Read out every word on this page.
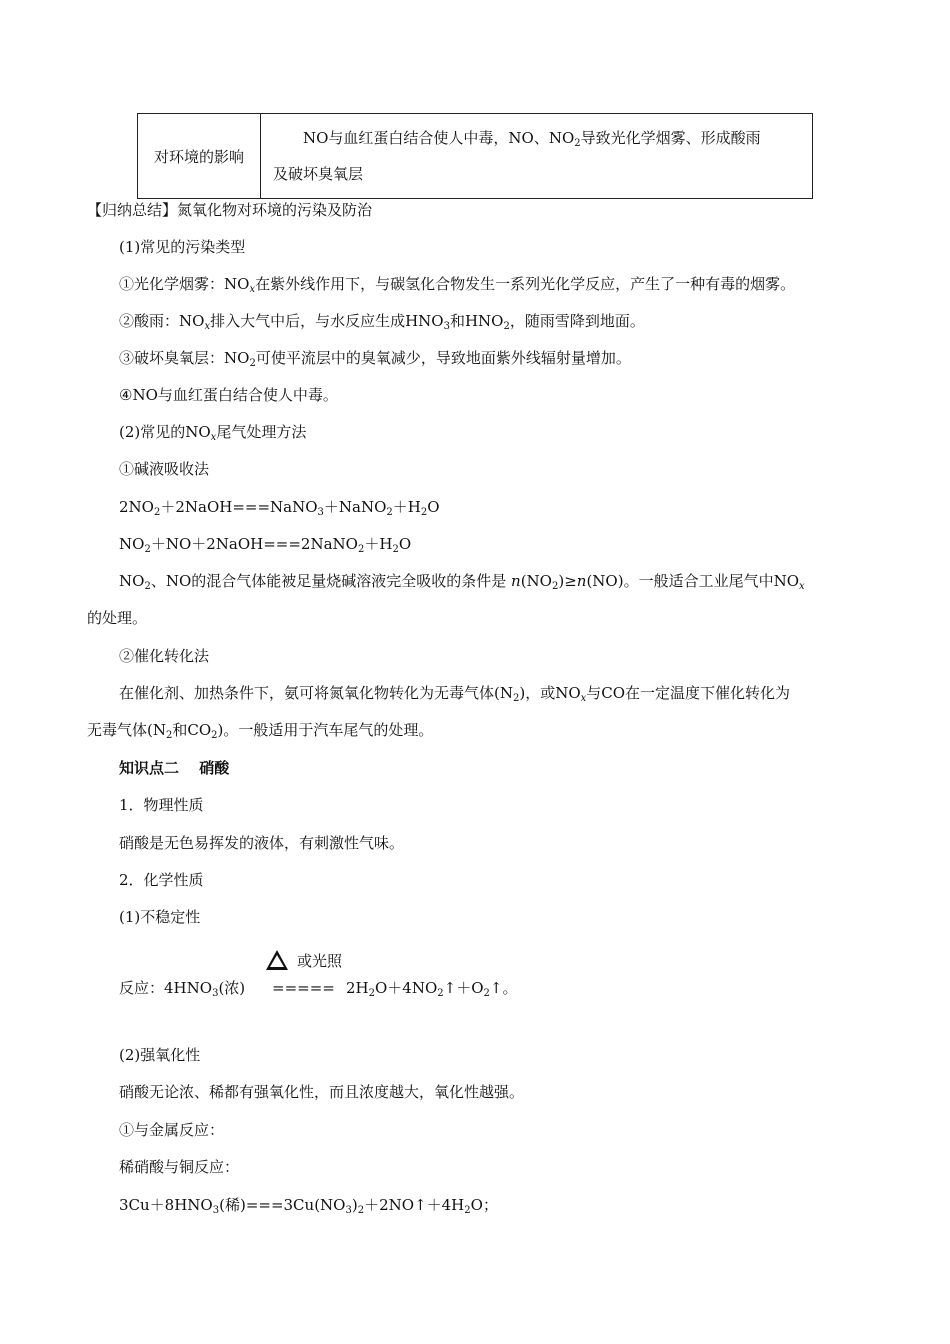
对环境的影响	NO与血红蛋白结合使人中毒，NO、$NO_2$导致光化学烟雾、形成酸雨
及破坏臭氧层
【归纳总结】氮氧化物对环境的污染及防治
(1)常见的污染类型
①光化学烟雾：$NO_x$在紫外线作用下，与碳氢化合物发生一系列光化学反应，产生了一种有毒的烟雾。
②酸雨：$NO_x$排入大气中后，与水反应生成$HNO_3$和$HNO_2$，随雨雪降到地面。
③破坏臭氧层：$NO_2$可使平流层中的臭氧减少，导致地面紫外线辐射量增加。
④NO与血红蛋白结合使人中毒。
(2)常见的$NO_x$尾气处理方法
①碱液吸收法
$2NO_2+2NaOH===NaNO_3+NaNO_2+H_2O$
$NO_2+NO+2NaOH===2NaNO_2+H_2O$
$NO_2$、NO的混合气体能被足量烧碱溶液完全吸收的条件是 $n(NO_2)\ge n(NO)$。一般适合工业尾气中$NO_x$
的处理。
②催化转化法
在催化剂、加热条件下，氨可将氮氧化物转化为无毒气体$(N_2)$，或$NO_x$与CO在一定温度下催化转化为
无毒气体($N_2$和$CO_2$)。一般适用于汽车尾气的处理。
知识点二　 硝酸
1．物理性质
硝酸是无色易挥发的液体，有刺激性气味。
2．化学性质
(1)不稳定性
或光照
反应：$4HNO_3$(浓) ===== $2H_2O+4NO_2↑+O_2↑$。
(2)强氧化性
硝酸无论浓、稀都有强氧化性，而且浓度越大，氧化性越强。
①与金属反应：
稀硝酸与铜反应：
$3Cu+8HNO_3$(稀)$===3Cu(NO_3)_2+2NO↑+4H_2O$；
